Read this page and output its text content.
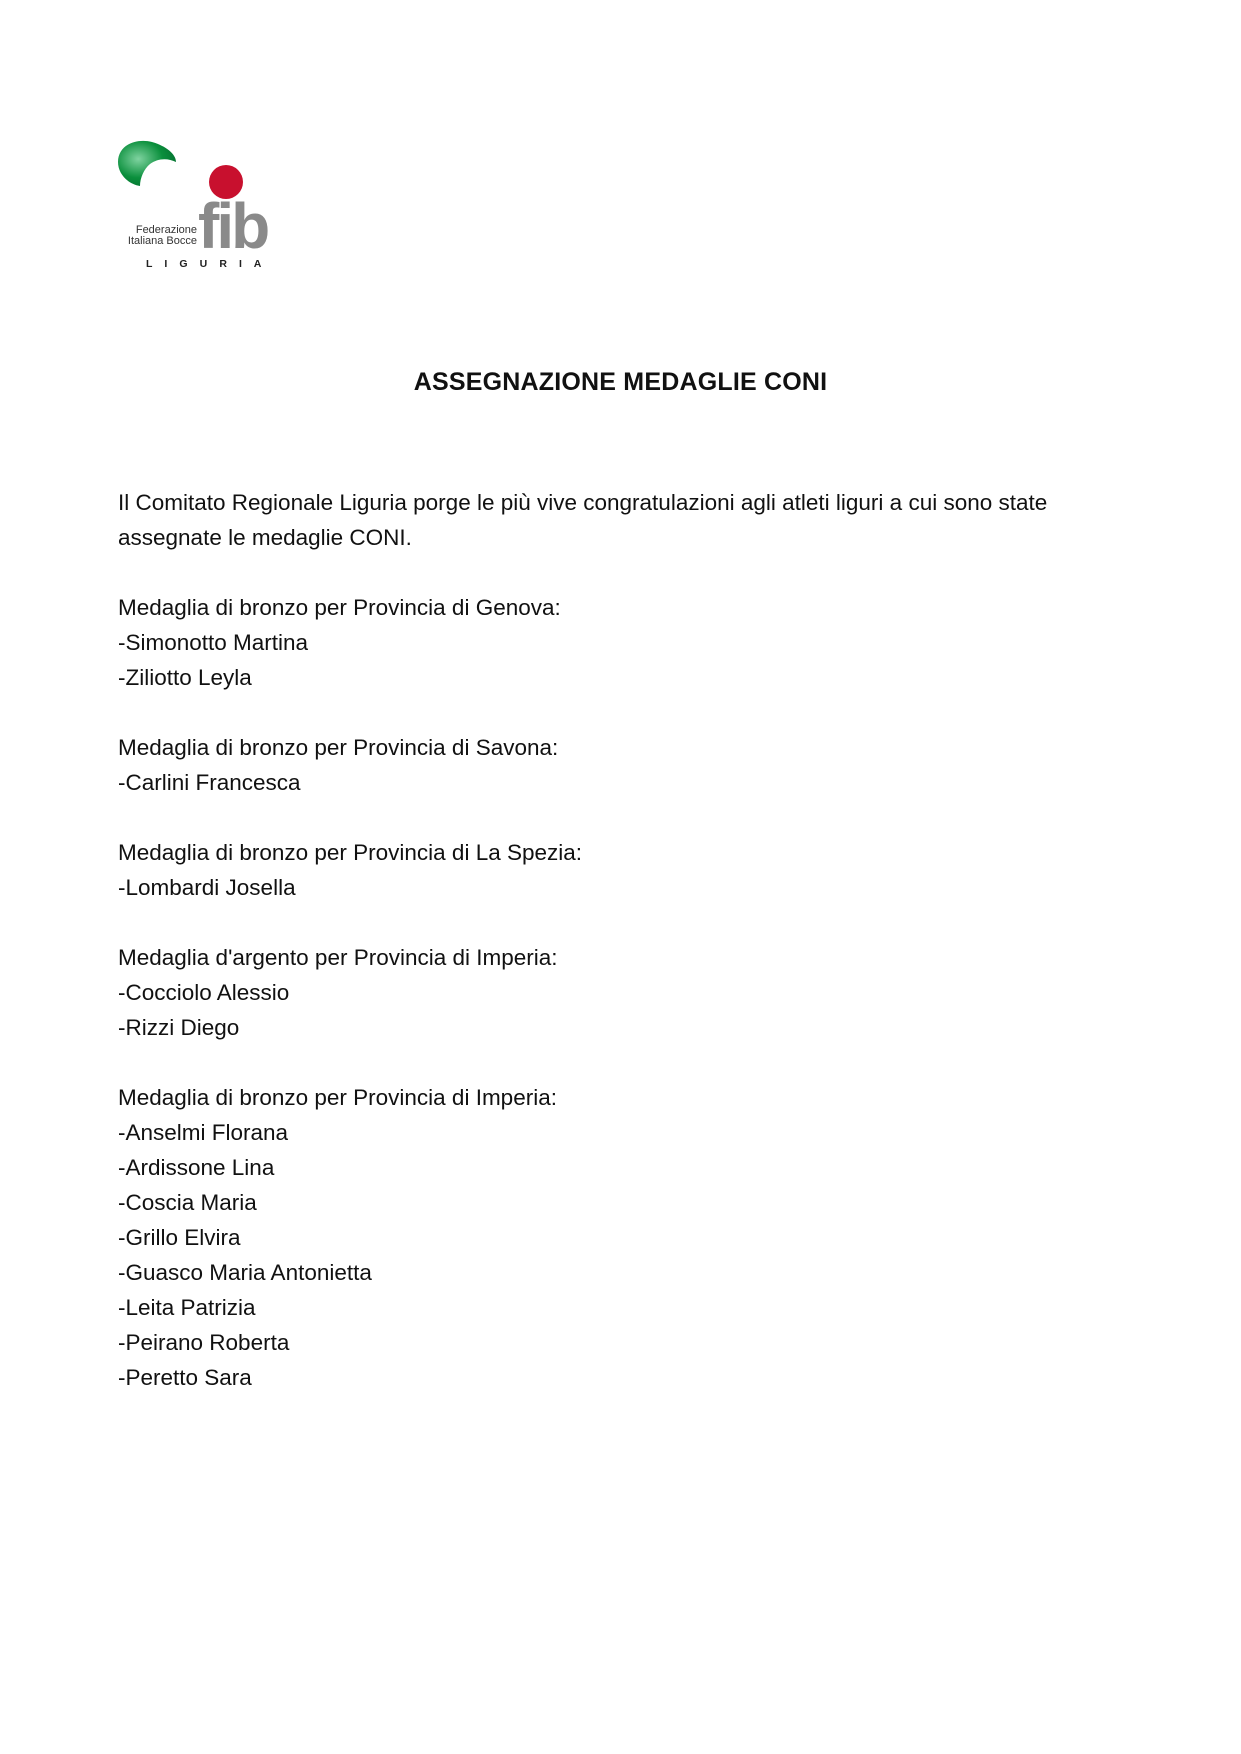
fib
Federazione
Italiana Bocce
L I G U R I A
ASSEGNAZIONE MEDAGLIE CONI

Il Comitato Regionale Liguria porge le più vive congratulazioni agli atleti liguri a cui sono state assegnate le medaglie CONI.

Medaglia di bronzo per Provincia di Genova:
-Simonotto Martina
-Ziliotto Leyla
Medaglia di bronzo per Provincia di Savona:
-Carlini Francesca
Medaglia di bronzo per Provincia di La Spezia:
-Lombardi Josella
Medaglia d'argento per Provincia di Imperia:
-Cocciolo Alessio
-Rizzi Diego
Medaglia di bronzo per Provincia di Imperia:
-Anselmi Florana
-Ardissone Lina
-Coscia Maria
-Grillo Elvira
-Guasco Maria Antonietta
-Leita Patrizia
-Peirano Roberta
-Peretto Sara
